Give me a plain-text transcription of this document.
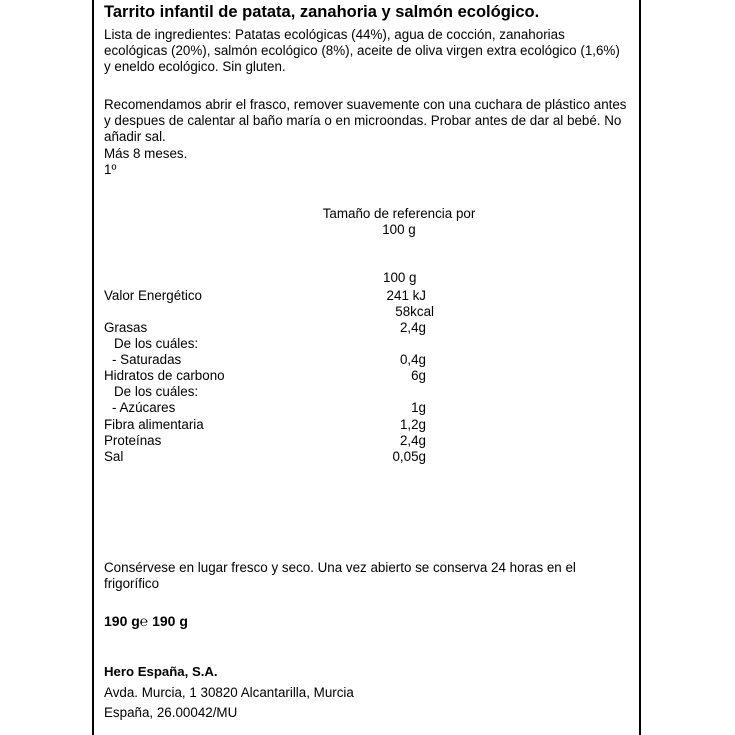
Tarrito infantil de patata, zanahoria y salmón ecológico.
Lista de ingredientes: Patatas ecológicas (44%), agua de cocción, zanahorias ecológicas (20%), salmón ecológico (8%), aceite de oliva virgen extra ecológico (1,6%) y eneldo ecológico. Sin gluten.
Recomendamos abrir el frasco, remover suavemente con una cuchara de plástico antes y despues de calentar al baño maría o en microondas. Probar antes de dar al bebé. No añadir sal.
Más 8 meses.
1º
Tamaño de referencia por 100 g
100 g
Valor Energético	241 kJ
58kcal
Grasas	2,4g
De los cuáles:
- Saturadas	0,4g
Hidratos de carbono	6g
De los cuáles:
- Azúcares	1g
Fibra alimentaria	1,2g
Proteínas	2,4g
Sal	0,05g
Consérvese en lugar fresco y seco. Una vez abierto se conserva 24 horas en el frigorífico
190 g℮ 190 g
Hero España, S.A.
Avda. Murcia, 1 30820 Alcantarilla, Murcia
España, 26.00042/MU
